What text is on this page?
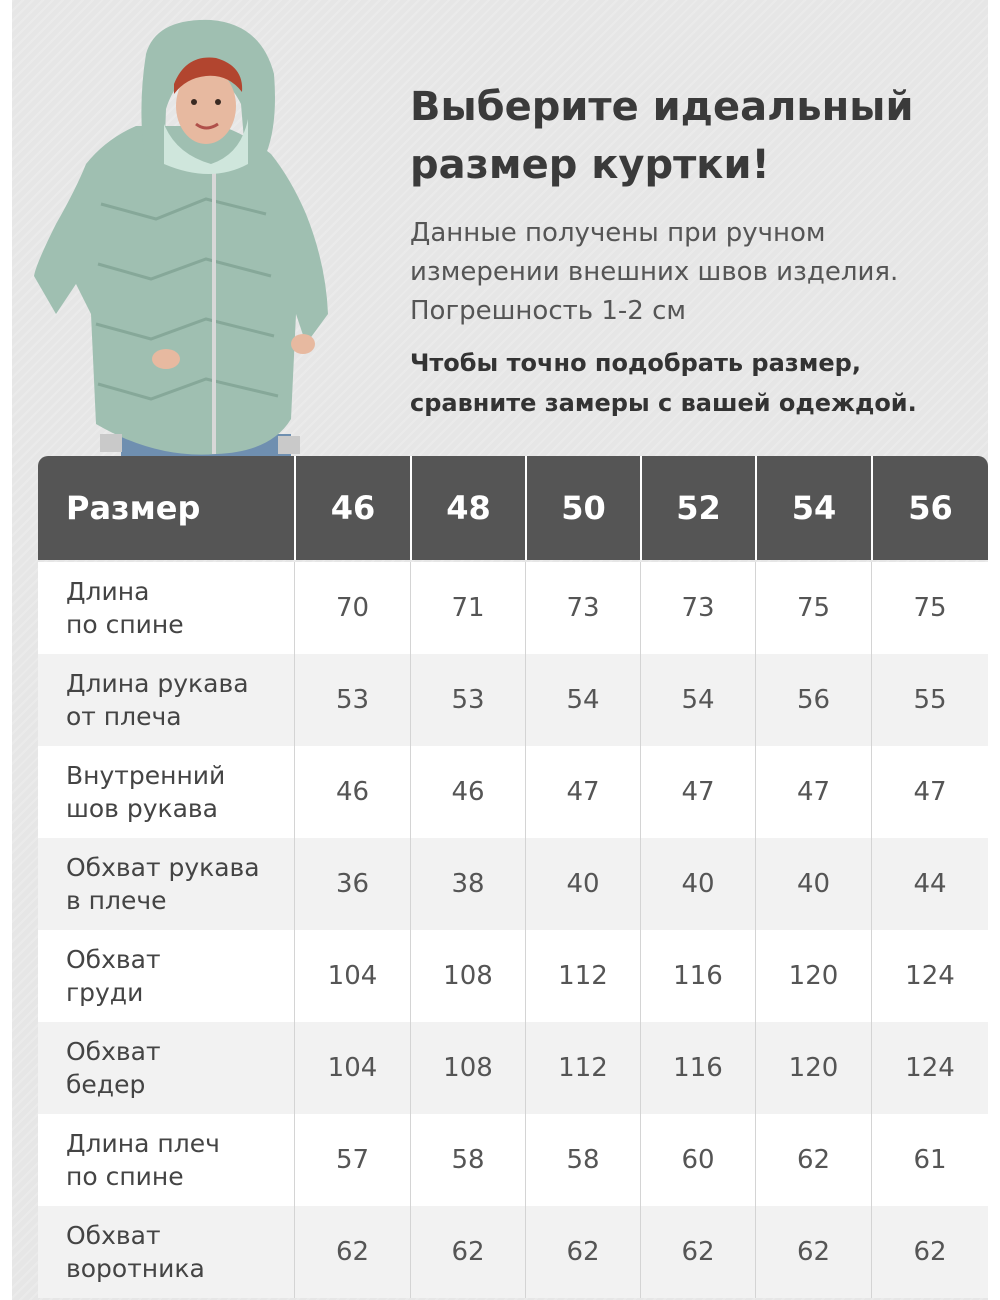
Выберите идеальный
размер куртки!
Данные получены при ручном
измерении внешних швов изделия.
Погрешность 1-2 см
Чтобы точно подобрать размер,
сравните замеры с вашей одеждой.
Размер	46	48	50	52	54	56
Длина
по спине
70	71	73	73	75	75
Длина рукава
от плеча
53	53	54	54	56	55
Внутренний
шов рукава
46	46	47	47	47	47
Обхват рукава
в плече
36	38	40	40	40	44
Обхват
груди
104	108	112	116	120	124
Обхват
бедер
104	108	112	116	120	124
Длина плеч
по спине
57	58	58	60	62	61
Обхват
воротника
62	62	62	62	62	62
